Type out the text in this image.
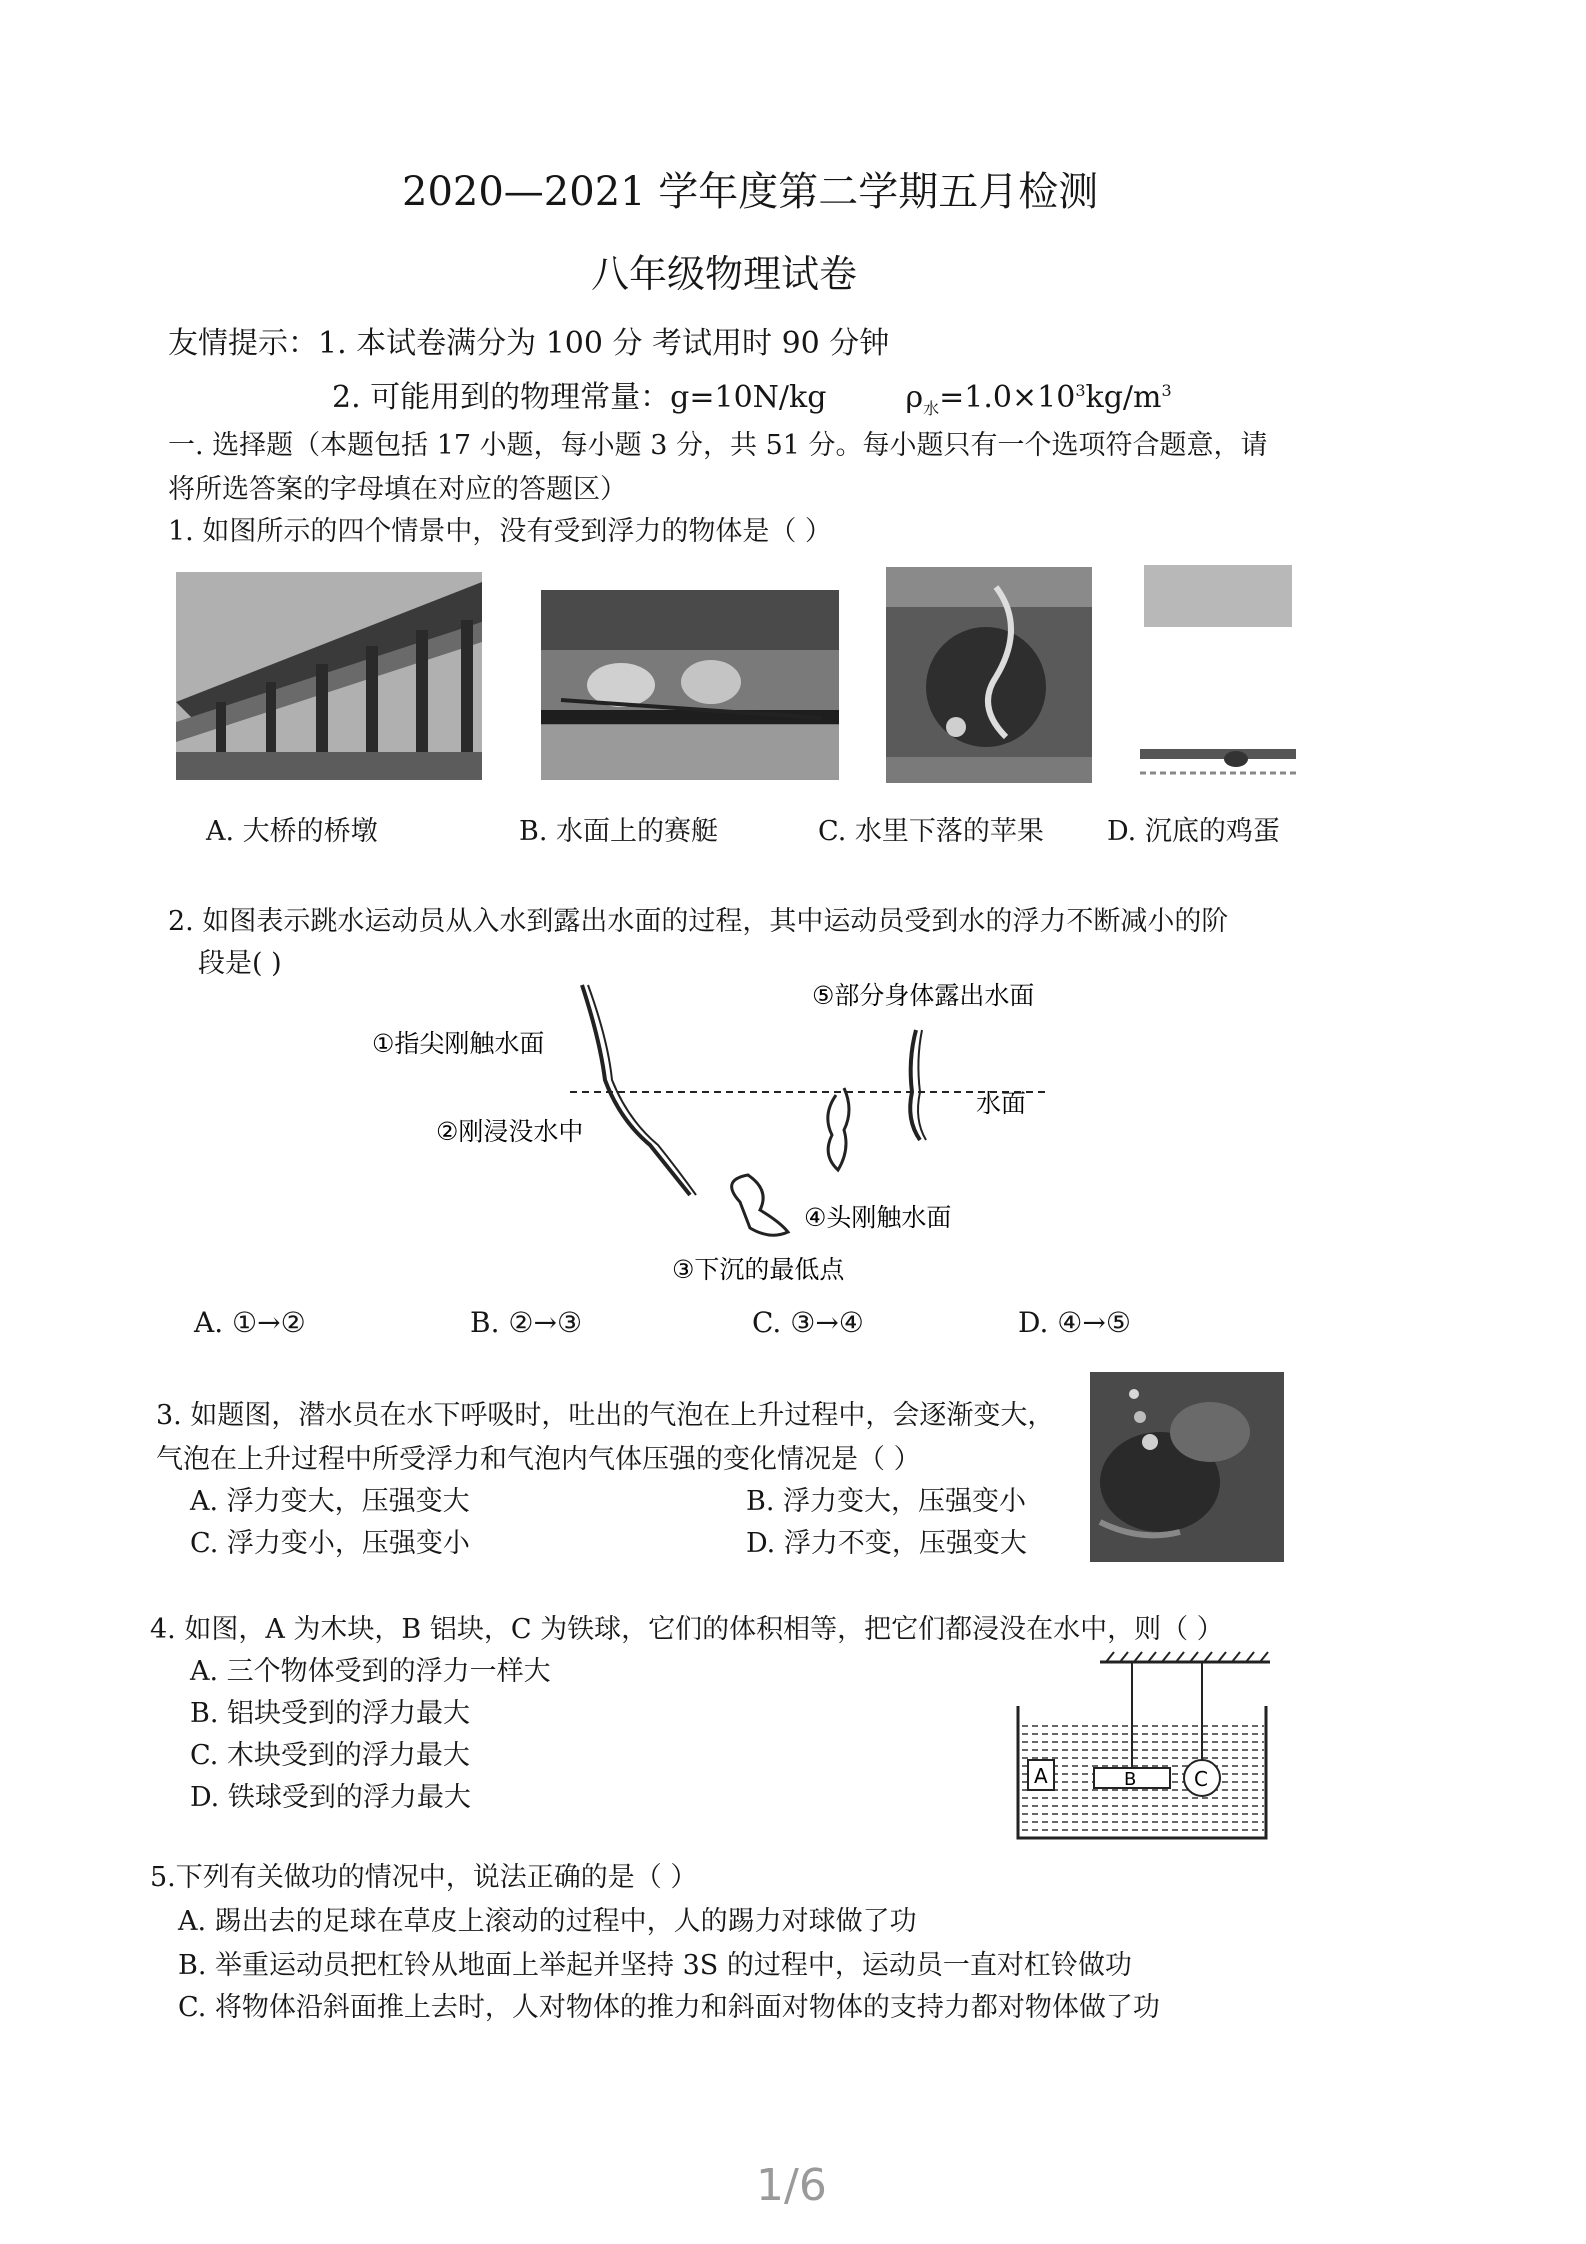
2020—2021 学年度第二学期五月检测
八年级物理试卷
友情提示：1. 本试卷满分为 100 分 考试用时 90 分钟
2. 可能用到的物理常量：g=10N/kg	$\rho_水=1.0\times 10^3kg/m^3$
一. 选择题（本题包括 17 小题，每小题 3 分，共 51 分。每小题只有一个选项符合题意，请
将所选答案的字母填在对应的答题区）
1. 如图所示的四个情景中，没有受到浮力的物体是（ ）
A. 大桥的桥墩	B. 水面上的赛艇	C. 水里下落的苹果 D. 沉底的鸡蛋
2. 如图表示跳水运动员从入水到露出水面的过程，其中运动员受到水的浮力不断减小的阶
段是( )
①指尖刚触水面
②刚浸没水中
③下沉的最低点
④头刚触水面
⑤部分身体露出水面
水面
A. ①→②	B. ②→③	C. ③→④	D. ④→⑤
3. 如题图，潜水员在水下呼吸时，吐出的气泡在上升过程中，会逐渐变大，
气泡在上升过程中所受浮力和气泡内气体压强的变化情况是（ ）
A. 浮力变大，压强变大	B. 浮力变大，压强变小
C. 浮力变小，压强变小	D. 浮力不变，压强变大
4. 如图，A 为木块，B 铝块，C 为铁球，它们的体积相等，把它们都浸没在水中，则（ ）
A. 三个物体受到的浮力一样大
B. 铝块受到的浮力最大
C. 木块受到的浮力最大
D. 铁球受到的浮力最大
A	B	C
5.下列有关做功的情况中，说法正确的是（ ）
A. 踢出去的足球在草皮上滚动的过程中，人的踢力对球做了功
B. 举重运动员把杠铃从地面上举起并坚持 3S 的过程中，运动员一直对杠铃做功
C. 将物体沿斜面推上去时，人对物体的推力和斜面对物体的支持力都对物体做了功
1/6
